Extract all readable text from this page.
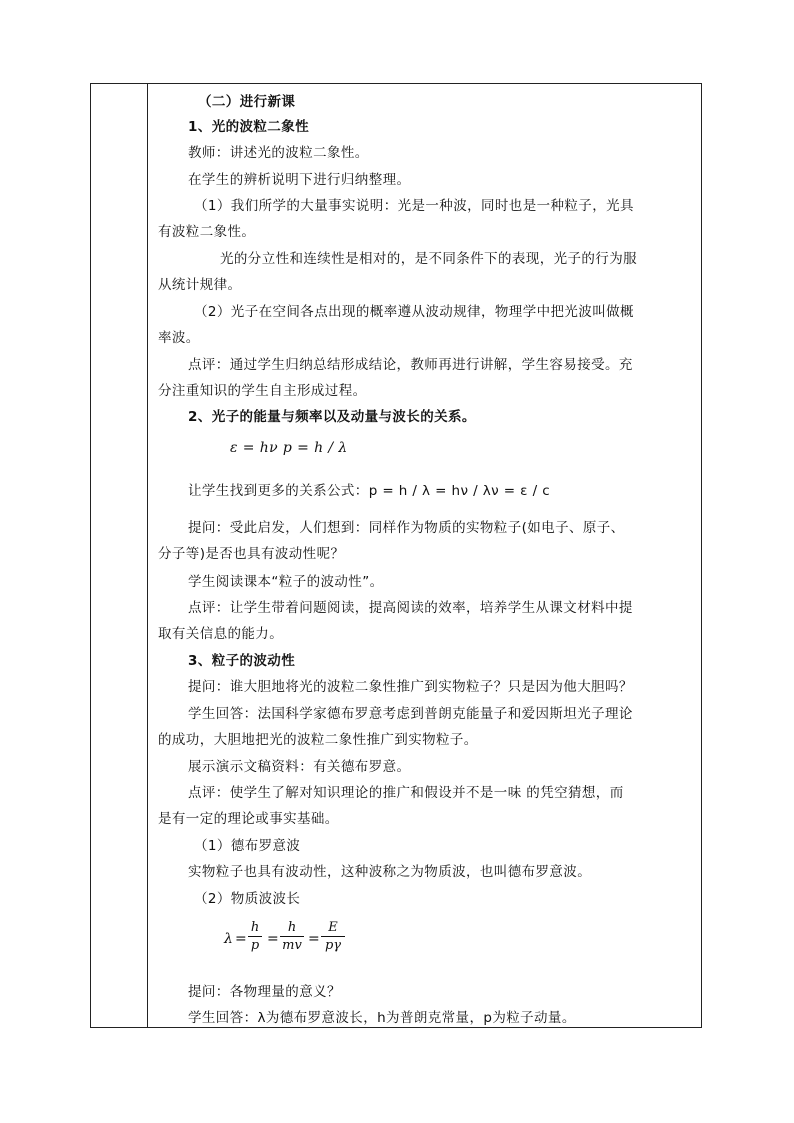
（二）进行新课
1、光的波粒二象性
教师：讲述光的波粒二象性。
在学生的辨析说明下进行归纳整理。
（1）我们所学的大量事实说明：光是一种波，同时也是一种粒子，光具
有波粒二象性。
光的分立性和连续性是相对的，是不同条件下的表现，光子的行为服
从统计规律。
（2）光子在空间各点出现的概率遵从波动规律，物理学中把光波叫做概
率波。
点评：通过学生归纳总结形成结论，教师再进行讲解，学生容易接受。充
分注重知识的学生自主形成过程。
2、光子的能量与频率以及动量与波长的关系。
ε = hν p = h / λ
让学生找到更多的关系公式：p = h / λ = hν / λν = ε / c
提问：受此启发，人们想到：同样作为物质的实物粒子(如电子、原子、
分子等)是否也具有波动性呢？
学生阅读课本“粒子的波动性”。
点评：让学生带着问题阅读，提高阅读的效率，培养学生从课文材料中提
取有关信息的能力。
3、粒子的波动性
提问：谁大胆地将光的波粒二象性推广到实物粒子？只是因为他大胆吗？
学生回答：法国科学家德布罗意考虑到普朗克能量子和爱因斯坦光子理论
的成功，大胆地把光的波粒二象性推广到实物粒子。
展示演示文稿资料：有关德布罗意。
点评：使学生了解对知识理论的推广和假设并不是一味 的凭空猜想，而
是有一定的理论或事实基础。
（1）德布罗意波
实物粒子也具有波动性，这种波称之为物质波，也叫德布罗意波。
（2）物质波波长
λ =
h
p =
h
mv =
E
pγ
提问：各物理量的意义？
学生回答：λ为德布罗意波长，h为普朗克常量，p为粒子动量。
